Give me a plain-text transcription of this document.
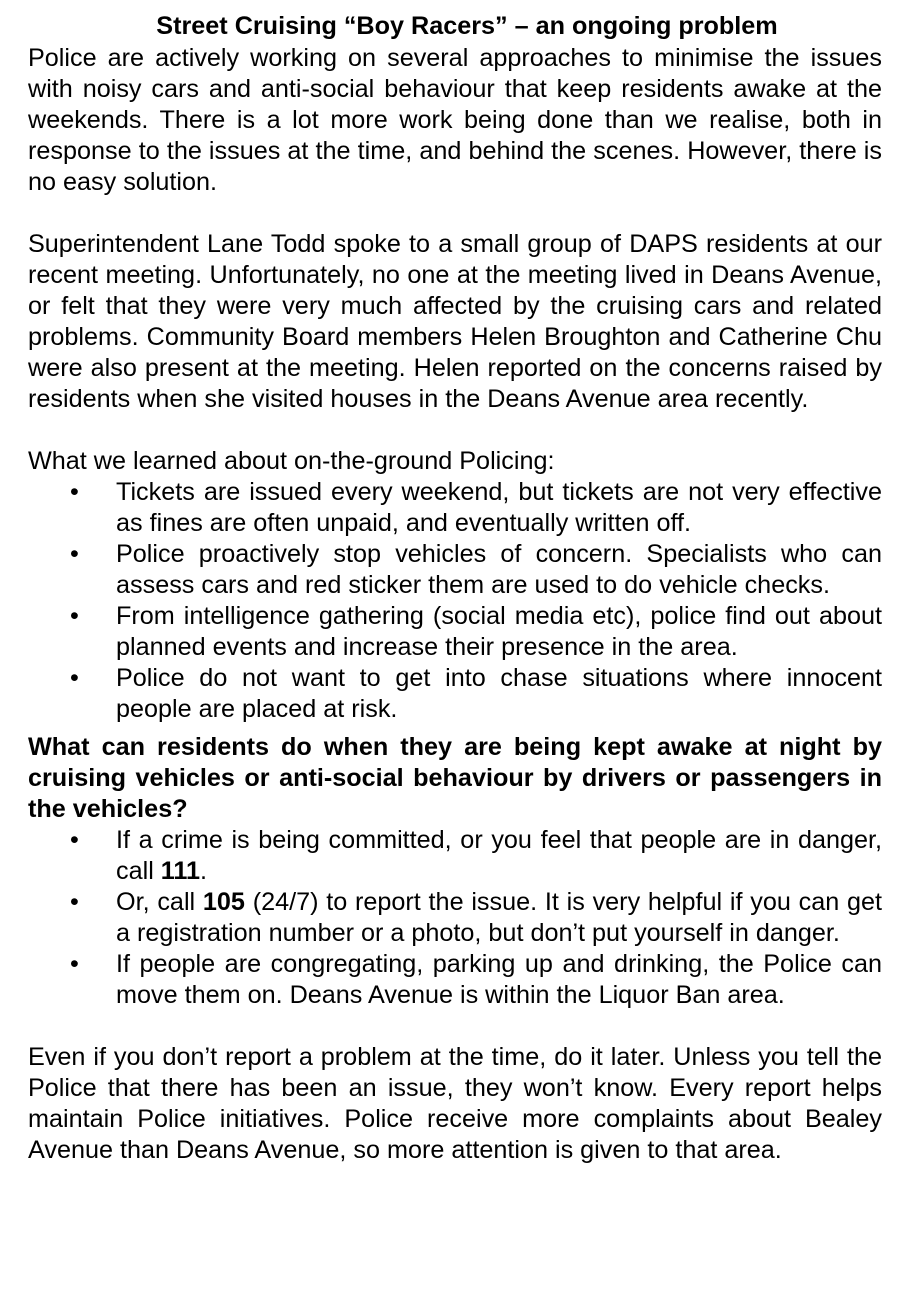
Street Cruising “Boy Racers” – an ongoing problem

Police are actively working on several approaches to minimise the issues with noisy cars and anti-social behaviour that keep residents awake at the weekends. There is a lot more work being done than we realise, both in response to the issues at the time, and behind the scenes. However, there is no easy solution.

Superintendent Lane Todd spoke to a small group of DAPS residents at our recent meeting. Unfortunately, no one at the meeting lived in Deans Avenue, or felt that they were very much affected by the cruising cars and related problems. Community Board members Helen Broughton and Catherine Chu were also present at the meeting. Helen reported on the concerns raised by residents when she visited houses in the Deans Avenue area recently.

What we learned about on-the-ground Policing:

• Tickets are issued every weekend, but tickets are not very effective as fines are often unpaid, and eventually written off.
• Police proactively stop vehicles of concern. Specialists who can assess cars and red sticker them are used to do vehicle checks.
• From intelligence gathering (social media etc), police find out about planned events and increase their presence in the area.
• Police do not want to get into chase situations where innocent people are placed at risk.

What can residents do when they are being kept awake at night by cruising vehicles or anti-social behaviour by drivers or passengers in the vehicles?

• If a crime is being committed, or you feel that people are in danger, call 111.
• Or, call 105 (24/7) to report the issue. It is very helpful if you can get a registration number or a photo, but don’t put yourself in danger.
• If people are congregating, parking up and drinking, the Police can move them on. Deans Avenue is within the Liquor Ban area.

Even if you don’t report a problem at the time, do it later. Unless you tell the Police that there has been an issue, they won’t know. Every report helps maintain Police initiatives. Police receive more complaints about Bealey Avenue than Deans Avenue, so more attention is given to that area.
